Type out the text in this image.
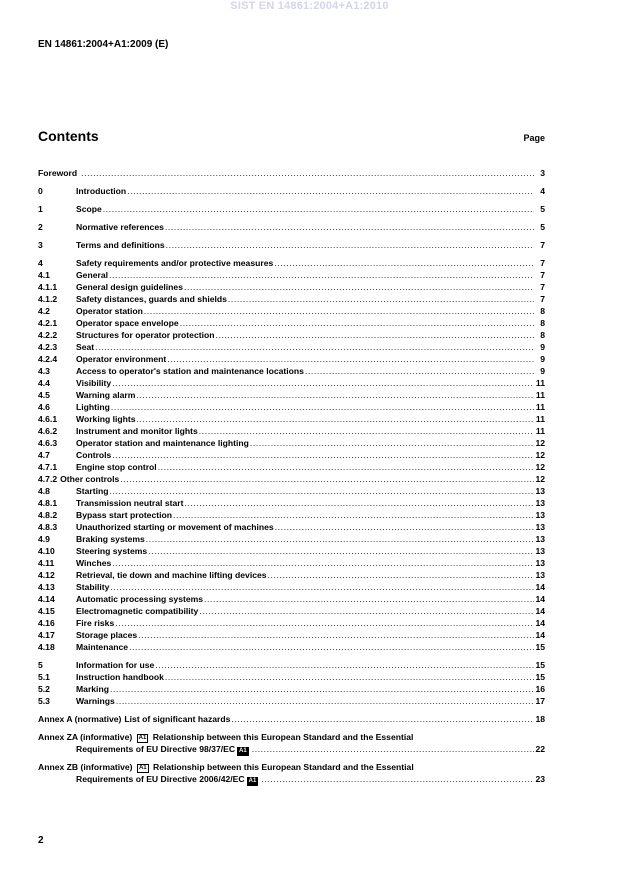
SIST EN 14861:2004+A1:2010
EN 14861:2004+A1:2009 (E)
Contents	Page
Foreword .....	3
0	Introduction .....	4
1	Scope .....	5
2	Normative references .....	5
3	Terms and definitions .....	7
4	Safety requirements and/or protective measures .....	7
4.1	General .....	7
4.1.1	General design guidelines .....	7
4.1.2	Safety distances, guards and shields .....	7
4.2	Operator station .....	8
4.2.1	Operator space envelope .....	8
4.2.2	Structures for operator protection .....	8
4.2.3	Seat .....	9
4.2.4	Operator environment .....	9
4.3	Access to operator's station and maintenance locations .....	9
4.4	Visibility .....	11
4.5	Warning alarm .....	11
4.6	Lighting .....	11
4.6.1	Working lights .....	11
4.6.2	Instrument and monitor lights .....	11
4.6.3	Operator station and maintenance lighting .....	12
4.7	Controls .....	12
4.7.1	Engine stop control .....	12
4.7.2 Other controls .....	12
4.8	Starting .....	13
4.8.1	Transmission neutral start .....	13
4.8.2	Bypass start protection .....	13
4.8.3	Unauthorized starting or movement of machines .....	13
4.9	Braking systems .....	13
4.10	Steering systems .....	13
4.11	Winches .....	13
4.12	Retrieval, tie down and machine lifting devices .....	13
4.13	Stability .....	14
4.14	Automatic processing systems .....	14
4.15	Electromagnetic compatibility .....	14
4.16	Fire risks .....	14
4.17	Storage places .....	14
4.18	Maintenance .....	15
5	Information for use .....	15
5.1	Instruction handbook .....	15
5.2	Marking .....	16
5.3	Warnings .....	17
Annex A (normative) List of significant hazards .....	18
Annex ZA (informative) A1 Relationship between this European Standard and the Essential
Requirements of EU Directive 98/37/EC A1 .....	22
Annex ZB (informative) A1 Relationship between this European Standard and the Essential
Requirements of EU Directive 2006/42/EC A1 .....	23
2
